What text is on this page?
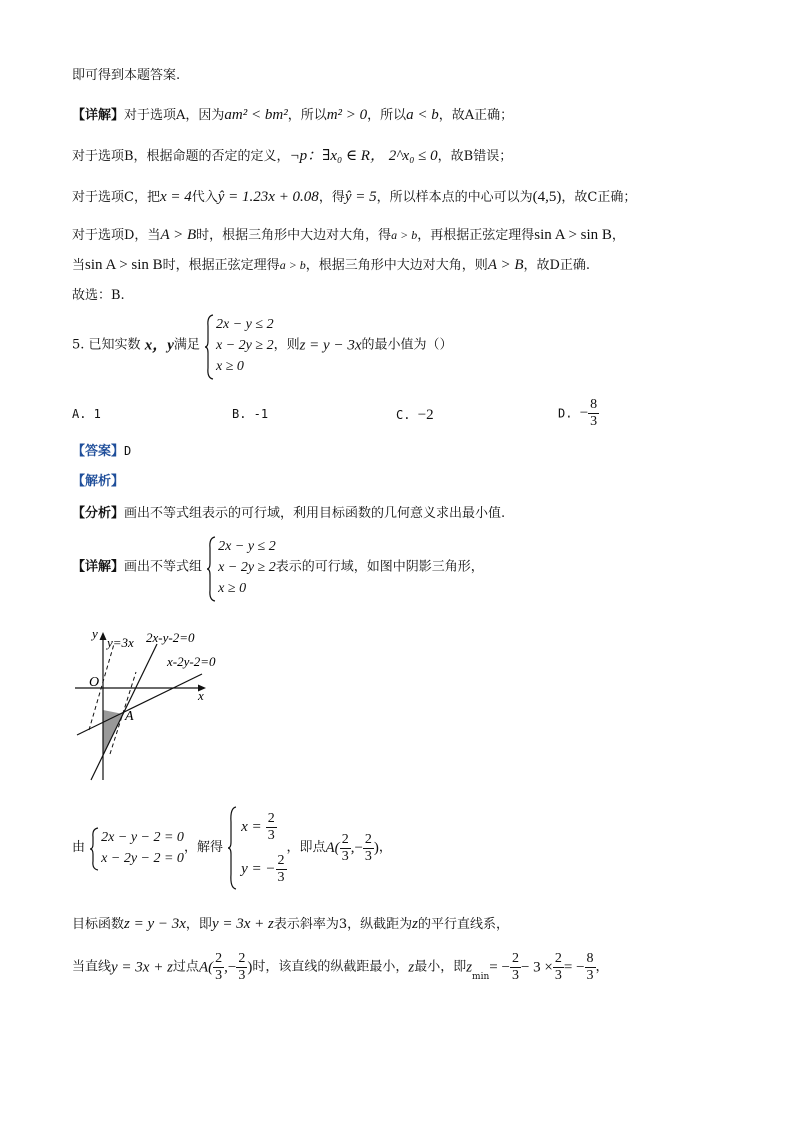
即可得到本题答案.
【详解】对于选项A，因为am² < bm²，所以m² > 0，所以a < b，故A正确；
对于选项B，根据命题的否定的定义，¬p：∃x₀ ∈ R， 2^x₀ ≤ 0，故B错误；
对于选项C，把x = 4代入ŷ = 1.23x + 0.08，得ŷ = 5，所以样本点的中心可以为(4,5)，故C正确；
对于选项D，当A > B时，根据三角形中大边对大角，得a > b，再根据正弦定理得sin A > sin B，
当sin A > sin B时，根据正弦定理得a > b，根据三角形中大边对大角，则A > B，故D正确.
故选：B.
5. 已知实数 x，y满足
2x − y ≤ 2
x − 2y ≥ 2
x ≥ 0
，则z = y − 3x的最小值为（）
A. 1	B. -1	C. −2	D. − $\frac{8}{3}$
【答案】D
【解析】
【分析】画出不等式组表示的可行域，利用目标函数的几何意义求出最小值.
【详解】画出不等式组
2x − y ≤ 2
x − 2y ≥ 2
x ≥ 0
表示的可行域，如图中阴影三角形，
y
x
O
A
y=3x 2x-y-2=0
x-2y-2=0
由
2x − y − 2 = 0
x − 2y − 2 = 0
，解得
$x = \frac{2}{3}$
y = − $\frac{2}{3}$
，即点$A( \frac{2}{3}$ ,− $\frac{2}{3}$ )，
目标函数z = y − 3x，即y = 3x + z表示斜率为3，纵截距为z的平行直线系，
当直线y = 3x + z过点$A( \frac{2}{3}$ ,− $\frac{2}{3}$ )时，该直线的纵截距最小，z最小，即$z_{min}= - \frac{2}{3} - 3 \times \frac{2}{3}$ = − $\frac{8}{3}$ ，
